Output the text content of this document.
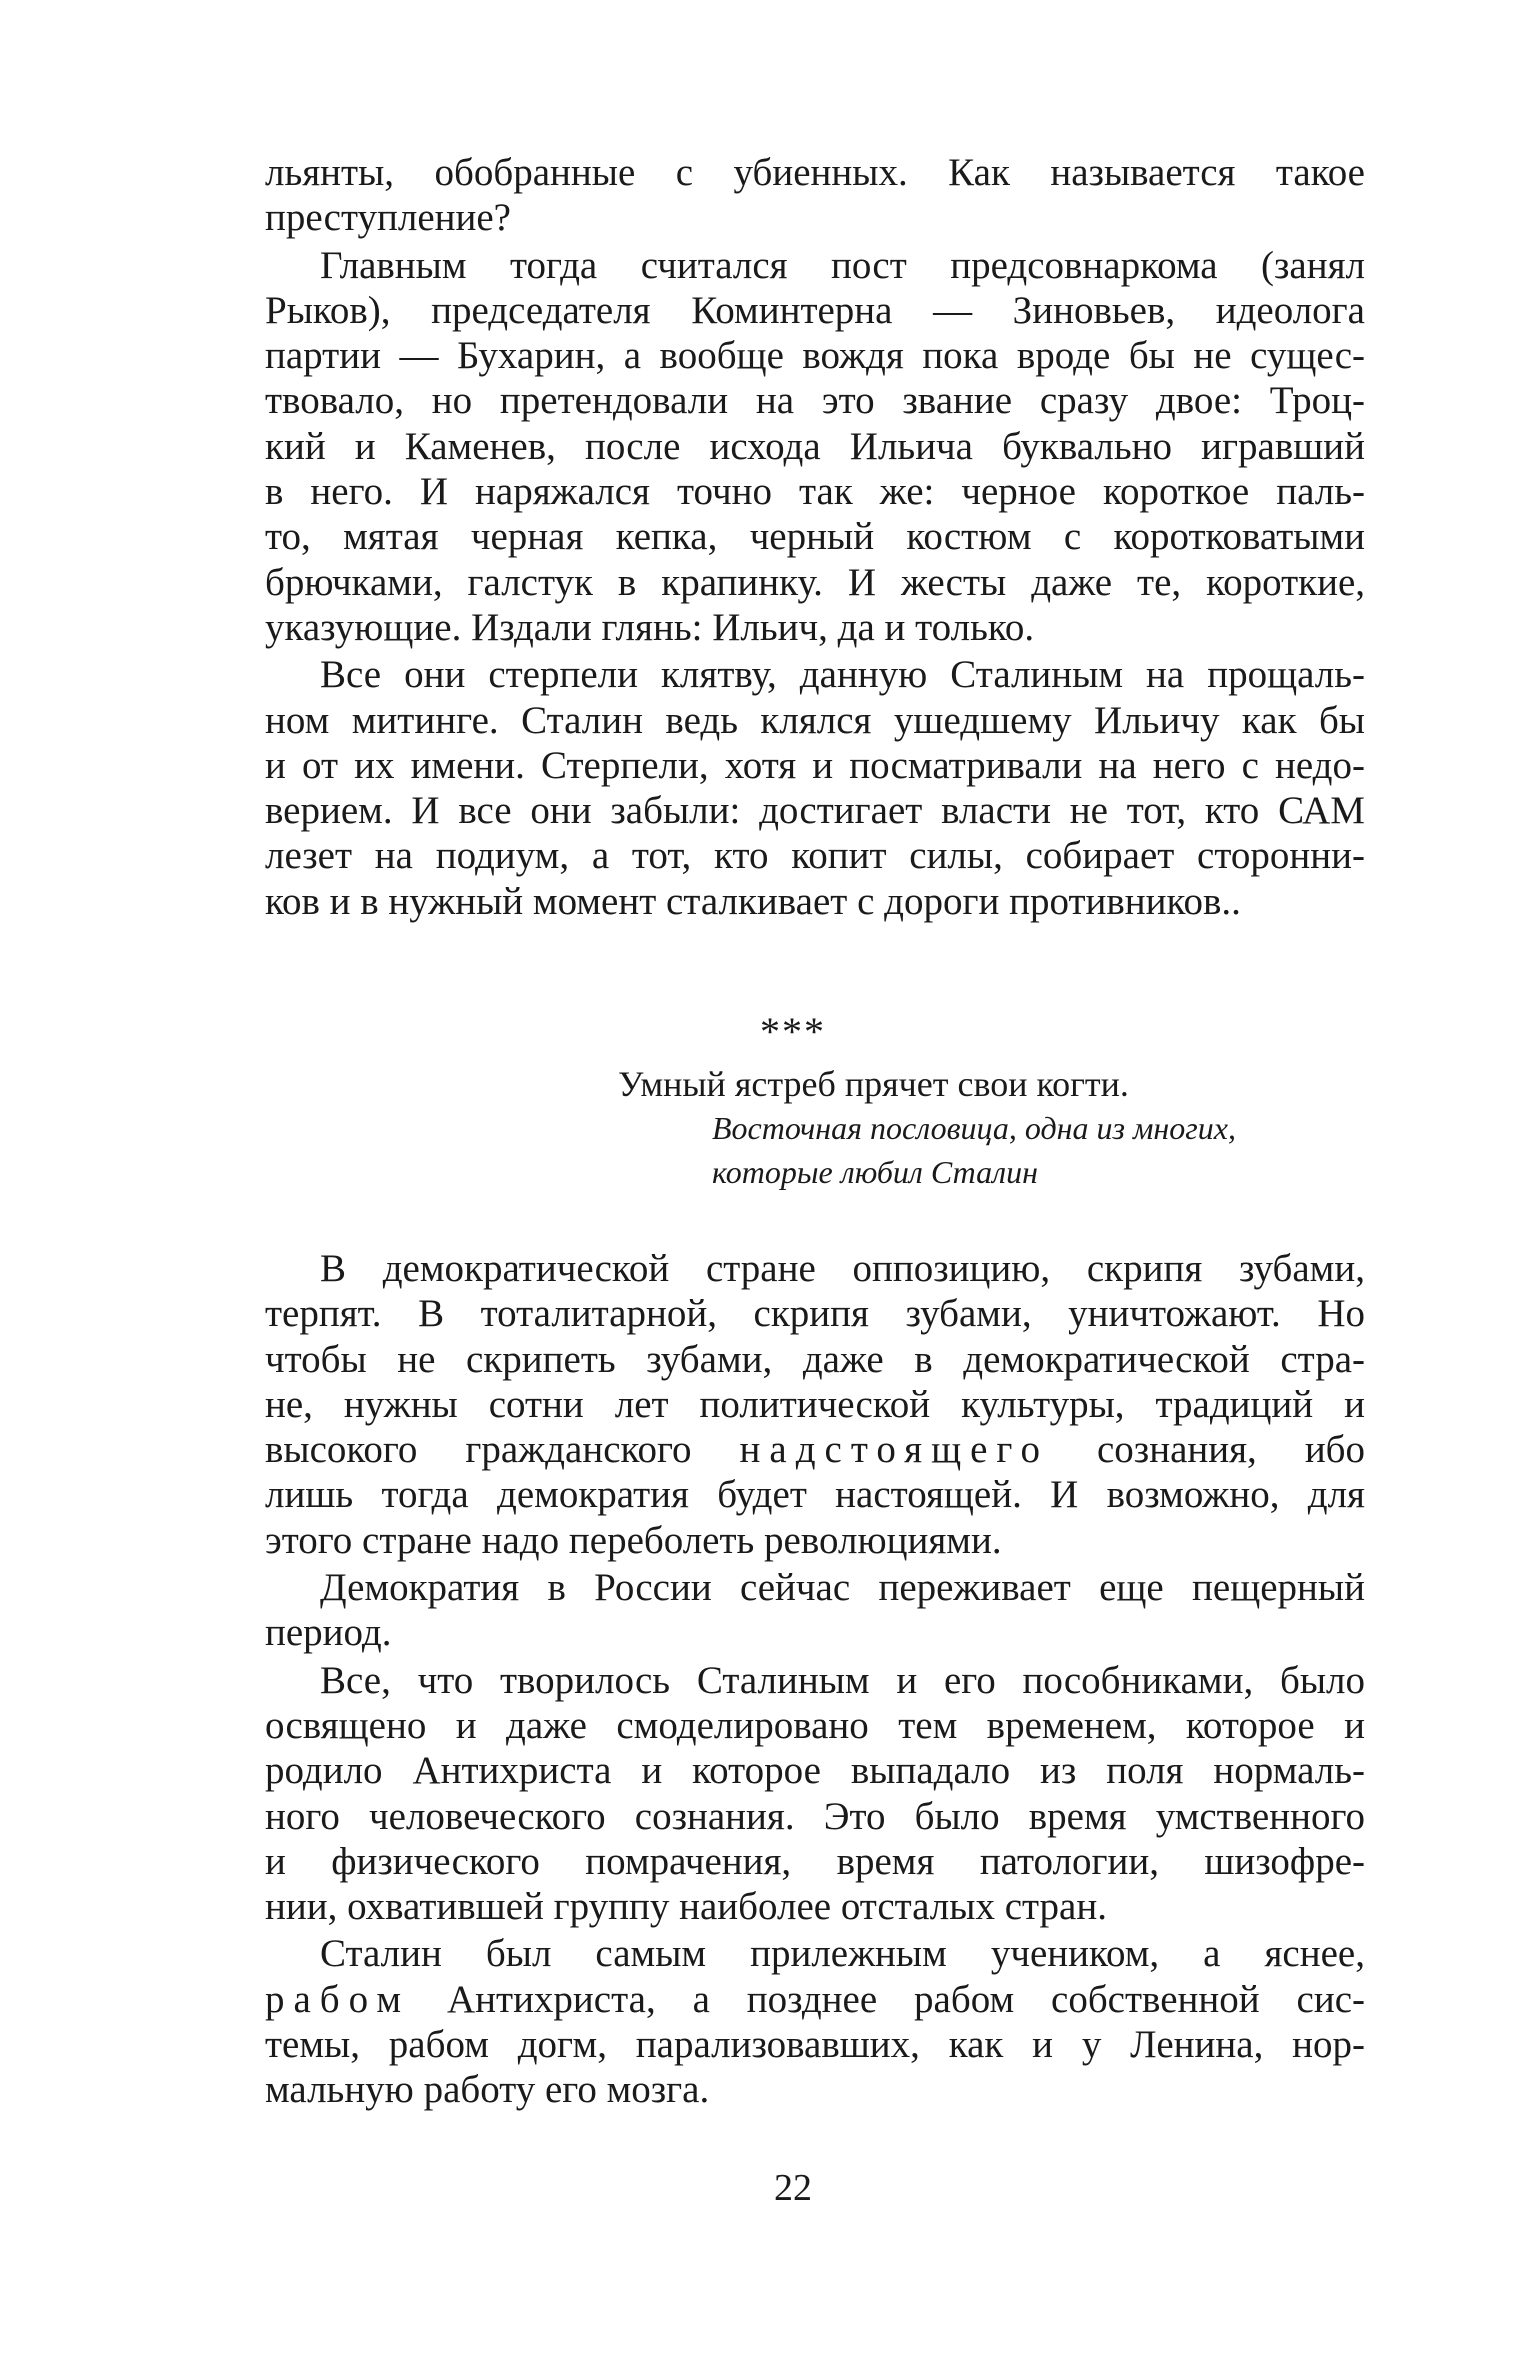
льянты, обобранные с убиенных. Как называется такое
преступление?
Главным тогда считался пост предсовнаркома (занял
Рыков), председателя Коминтерна — Зиновьев, идеолога
партии — Бухарин, а вообще вождя пока вроде бы не сущес-
твовало, но претендовали на это звание сразу двое: Троц-
кий и Каменев, после исхода Ильича буквально игравший
в него. И наряжался точно так же: черное короткое паль-
то, мятая черная кепка, черный костюм с коротковатыми
брючками, галстук в крапинку. И жесты даже те, короткие,
указующие. Издали глянь: Ильич, да и только.
Все они стерпели клятву, данную Сталиным на прощаль-
ном митинге. Сталин ведь клялся ушедшему Ильичу как бы
и от их имени. Стерпели, хотя и посматривали на него с недо-
верием. И все они забыли: достигает власти не тот, кто САМ
лезет на подиум, а тот, кто копит силы, собирает сторонни-
ков и в нужный момент сталкивает с дороги противников..
***
Умный ястреб прячет свои когти.
Восточная пословица, одна из многих,
которые любил Сталин
В демократической стране оппозицию, скрипя зубами,
терпят. В тоталитарной, скрипя зубами, уничтожают. Но
чтобы не скрипеть зубами, даже в демократической стра-
не, нужны сотни лет политической культуры, традиций и
высокого гражданского надстоящего сознания, ибо
лишь тогда демократия будет настоящей. И возможно, для
этого стране надо переболеть революциями.
Демократия в России сейчас переживает еще пещерный
период.
Все, что творилось Сталиным и его пособниками, было
освящено и даже смоделировано тем временем, которое и
родило Антихриста и которое выпадало из поля нормаль-
ного человеческого сознания. Это было время умственного
и физического помрачения, время патологии, шизофре-
нии, охватившей группу наиболее отсталых стран.
Сталин был самым прилежным учеником, а яснее,
рабом Антихриста, а позднее рабом собственной сис-
темы, рабом догм, парализовавших, как и у Ленина, нор-
мальную работу его мозга.
22
